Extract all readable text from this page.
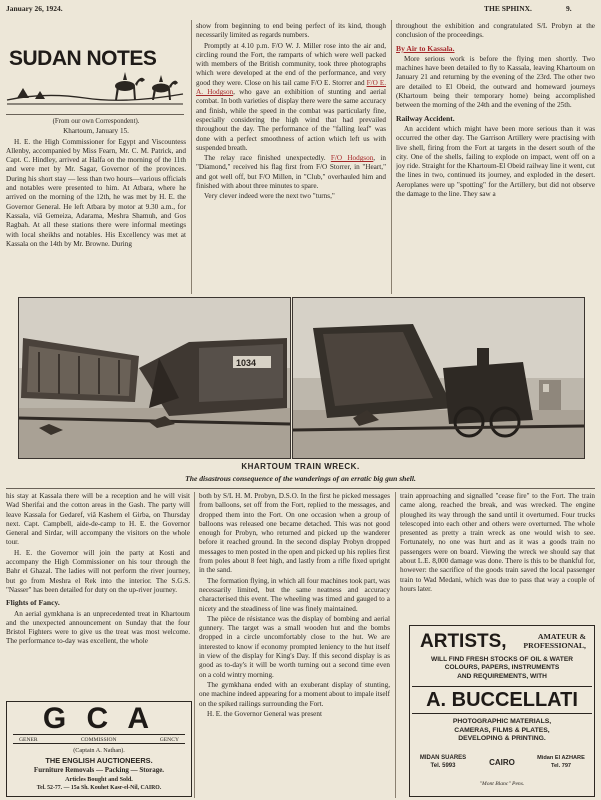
January 26, 1924.	THE SPHINX.	9.
SUDAN NOTES

(From our own Correspondent).

Khartoum, January 15.

H. E. the High Commissioner for Egypt and Viscountess Allenby, accompanied by Miss Fearn, Mr. C. M. Patrick, and Capt. C. Hindley, arrived at Halfa on the morning of the 11th and were met by Mr. Sagar, Governor of the provinces. During his short stay — less than two hours—various officials and notables were presented to him. At Atbara, where he arrived on the morning of the 12th, he was met by H. E. the Governor General. He left Atbara by motor at 9.30 a.m., for Kassala, viâ Gemeiza, Adarama, Meshra Shamuh, and Gos Ragbah. At all these stations there were informal meetings with local sheikhs and notables. His Excellency was met at Kassala on the 14th by Mr. Browne. During

show from beginning to end being perfect of its kind, though necessarily limited as regards numbers.

Promptly at 4.10 p.m. F/O W. J. Miller rose into the air and, circling round the Fort, the ramparts of which were well packed with members of the British community, took three photographs which were developed at the end of the performance, and very good they were. Close on his tail came F/O E. Storrer and F/O E. A. Hodgson, who gave an exhibition of stunting and aerial combat. In both varieties of display there were the same accuracy and finish, while the speed in the combat was particularly fine, especially considering the high wind that had prevailed throughout the day. The performance of the "falling leaf" was done with a perfect smoothness of action which left us with suspended breath.

The relay race finished unexpectedly. F/O Hodgson, in "Diamond," received his flag first from F/O Storrer, in "Heart," and got well off, but F/O Millen, in "Club," overhauled him and finished with about three minutes to spare.

Very clever indeed were the next two "turns,"

throughout the exhibition and congratulated S/L Probyn at the conclusion of the proceedings.

By Air to Kassala.

More serious work is before the flying men shortly. Two machines have been detailed to fly to Kassala, leaving Khartoum on January 21 and returning by the evening of the 23rd. The other two are detailed to El Obeid, the outward and homeward journeys (Khartoum being their temporary home) being accomplished between the morning of the 24th and the evening of the 25th.

Railway Accident.

An accident which might have been more serious than it was occurred the other day. The Garrison Artillery were practising with live shell, firing from the Fort at targets in the desert south of the city. One of the shells, failing to explode on impact, went off on a joy ride. Straight for the Khartoum-El Obeid railway line it went, cut the lines in two, continued its journey, and exploded in the desert. Aeroplanes were up "spotting" for the Artillery, but did not observe the damage to the line. They saw a

1034
KHARTOUM TRAIN WRECK.
The disastrous consequence of the wanderings of an erratic big gun shell.

his stay at Kassala there will be a reception and he will visit Wad Sherifai and the cotton areas in the Gash. The party will leave Kassala for Gedaref, viâ Kashem el Girba, on Thursday next. Capt. Campbell, aide-de-camp to H. E. the Governor General and Sirdar, will accompany the visitors on the whole tour.

H. E. the Governor will join the party at Kosti and accompany the High Commissioner on his tour through the Bahr el Ghazal. The ladies will not perform the river journey, but go from Meshra el Rek into the interior. The S.G.S. "Nasser" has been detailed for duty on the up-river journey.

Flights of Fancy.

An aerial gymkhana is an unprecedented treat in Khartoum and the unexpected announcement on Sunday that the four Bristol Fighters were to give us the treat was most welcome. The performance to-day was excellent, the whole

both by S/L H. M. Probyn, D.S.O. In the first he picked messages from balloons, set off from the Fort, replied to the messages, and dropped them into the Fort. On one occasion when a group of balloons was released one became detached. This was not good enough for Probyn, who returned and picked up the wanderer before it reached ground. In the second display Probyn dropped messages to men posted in the open and picked up his replies first from poles about 8 feet high, and lastly from a rifle fixed upright in the sand.

The formation flying, in which all four machines took part, was necessarily limited, but the same neatness and accuracy characterised this event. The wheeling was timed and gauged to a nicety and the steadiness of line was finely maintained.

The pièce de résistance was the display of bombing and aerial gunnery. The target was a small wooden hut and the bombs dropped in a circle uncomfortably close to the hut. We are interested to know if economy prompted leniency to the hut itself in view of the display for King's Day. If this second display is as good as to-day's it will be worth turning out a second time even on a cold wintry morning.

The gymkhana ended with an exuberant display of stunting, one machine indeed appearing for a moment about to impale itself on the spiked railings surrounding the Fort.

H. E. the Governor General was present

train approaching and signalled "cease fire" to the Fort. The train came along, reached the break, and was wrecked. The engine ploughed its way through the sand until it overturned. Four trucks telescoped into each other and others were overturned. The whole presented as pretty a train wreck as one would wish to see. Fortunately, no one was hurt and as it was a goods train no passengers were on board. Viewing the wreck we should say that about L.E. 8,000 damage was done. There is this to be thankful for, however: the sacrifice of the goods train saved the local passenger train to Wad Medani, which was due to pass that way a couple of hours later.

G C A
GENER	COMMISSION	GENCY
(Captain A. Nathan).
THE ENGLISH AUCTIONEERS.
Furniture Removals — Packing — Storage.
Articles Bought and Sold.
Tel. 52-77. — 15a Sh. Kouhet Kasr-el-Nil, CAIRO.
ARTISTS,	AMATEUR &
PROFESSIONAL,
WILL FIND FRESH STOCKS OF OIL & WATER
COLOURS, PAPERS, INSTRUMENTS
AND REQUIREMENTS, WITH
A. BUCCELLATI
PHOTOGRAPHIC MATERIALS,
CAMERAS, FILMS & PLATES,
DEVELOPING & PRINTING.
MIDAN SUARES
Tel. 5993	CAIRO	Midan El AZHARE
Tel. 797
"Mont Blanc" Pens.
